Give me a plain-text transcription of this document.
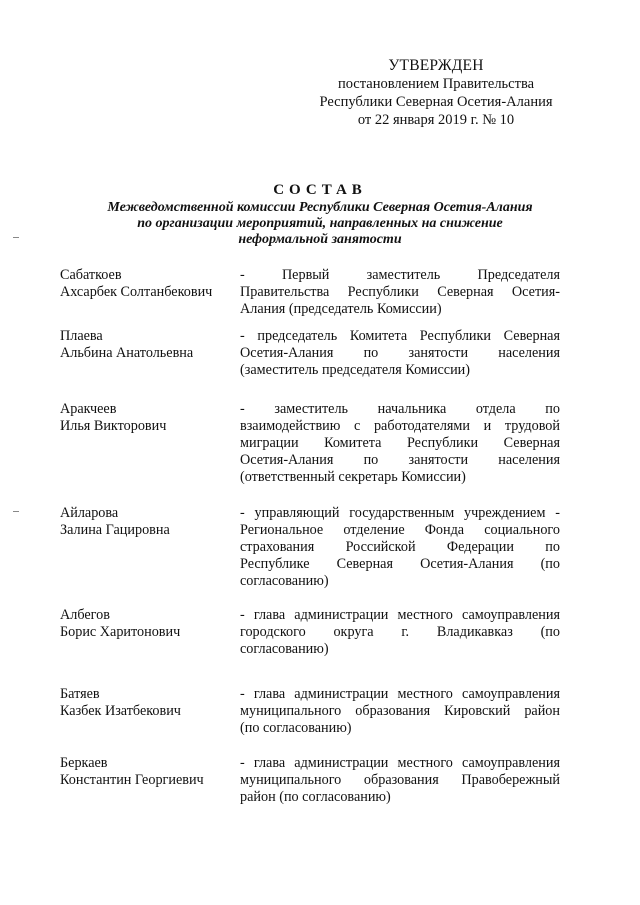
УТВЕРЖДЕН
постановлением Правительства
Республики Северная Осетия-Алания
от 22 января 2019 г. № 10
СОСТАВ
Межведомственной комиссии Республики Северная Осетия-Алания
по организации мероприятий, направленных на снижение
неформальной занятости
Сабаткоев
Ахсарбек Солтанбекович
- Первый заместитель Председателя
Правительства Республики Северная Осетия-
Алания (председатель Комиссии)
Плаева
Альбина Анатольевна
- председатель Комитета Республики Северная
Осетия-Алания по занятости населения
(заместитель председателя Комиссии)
Аракчеев
Илья Викторович
- заместитель начальника отдела по
взаимодействию с работодателями и трудовой
миграции Комитета Республики Северная
Осетия-Алания по занятости населения
(ответственный секретарь Комиссии)
Айларова
Залина Гациpовна
- управляющий государственным учреждением -
Региональное отделение Фонда социального
страхования Российской Федерации по
Республике Северная Осетия-Алания (по
согласованию)
Албегов
Борис Харитонович
- глава администрации местного самоуправления
городского округа г. Владикавказ (по
согласованию)
Батяев
Казбек Изатбекович
- глава администрации местного самоуправления
муниципального образования Кировский район
(по согласованию)
Беркаев
Константин Георгиевич
- глава администрации местного самоуправления
муниципального образования Правобережный
район (по согласованию)
